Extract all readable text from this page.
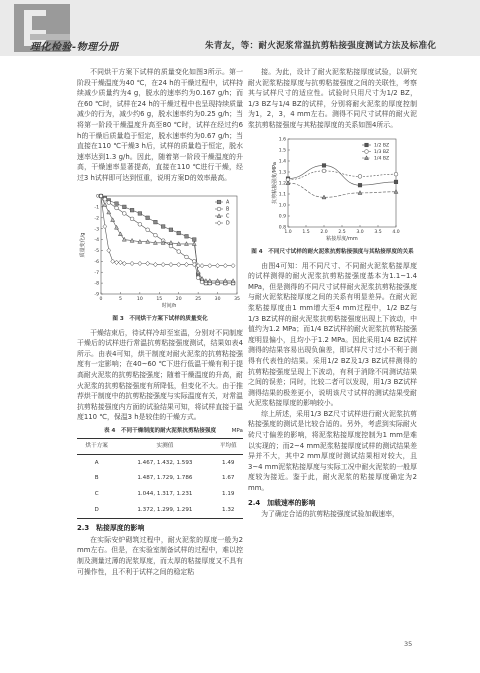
理化检验-物理分册	朱青友，等：耐火泥浆常温抗剪粘接强度测试方法及标准化

不同烘干方案下试样的质量变化如图3所示。第一阶段干燥温度为40 ℃，在24 h的干燥过程中，试样持续减少质量约为4 g，脱水的速率约为0.167 g/h；而在60 ℃时，试样在24 h的干燥过程中也呈现持续质量减少的行为，减少约6 g，脱水速率约为0.25 g/h；当将第一阶段干燥温度升高至80 ℃时，试样在经过约6 h的干燥后质量趋于恒定，脱水速率约为0.67 g/h；当直接在110 ℃干燥3 h后，试样的质量趋于恒定，脱水速率达到1.3 g/h。因此，随着第一阶段干燥温度的升高，干燥速率显著提高，直接在110 ℃进行干燥，经过3 h试样即可达到恒重，说明方案D的效率最高。

0	5	10	15	20	25	30	35
0
-1
-2
-3
-4
-5
-6
-7
-8
-9
时间/h
质量变化/g
A
B
C
D
图 3　不同烘干方案下试样的质量变化

干燥结束后，待试样冷却至室温，分别对不同制度干燥后的试样进行常温抗剪粘接强度测试，结果如表4所示。由表4可知，烘干制度对耐火泥浆的抗剪粘接强度有一定影响；在40~60 ℃下进行低温干燥有利于提高耐火泥浆的抗剪粘接强度；随着干燥温度的升高，耐火泥浆的抗剪粘接强度有所降低，但变化不大。由于推荐烘干制度中的抗剪粘接强度与实际温度有关，对常温抗剪粘接强度内方面的试验结果可知，将试样直接于温度110 ℃，保温3 h是较佳的干燥方式。

表 4　不同干燥制度的耐火泥浆抗剪粘接强度	MPa
烘干方案	实测值	平均值
A	1.467, 1.432, 1.593	1.49
B	1.487, 1.729, 1.786	1.67
C	1.044, 1.317, 1.231	1.19
D	1.372, 1.299, 1.291	1.32

2.3　粘接厚度的影响

在实际安炉砌筑过程中，耐火泥浆的厚度一般为2 mm左右。但是，在实验室制备试样的过程中，难以控制及测量过薄的泥浆厚度，而太厚的粘接厚度又不具有可操作性，且不利于试样之间的稳定粘

接。为此，设计了耐火泥浆粘接厚度试验，以研究耐火泥浆粘接厚度与抗剪粘接强度之间的关联性，考察其与试样尺寸的适应性。试验时只用尺寸为1/2 BZ，1/3 BZ与1/4 BZ的试样，分别将耐火泥浆的厚度控制为1，2，3，4 mm左右。测得不同尺寸试样的耐火泥浆抗剪粘接强度与其粘接厚度的关系如图4所示。

1.0 1.5 2.0 2.5 3.0 3.5 4.0
0.8
0.9
1.0
1.1
1.2
1.3
1.4
1.5
1.6
粘接厚度/mm
抗剪粘接强度/MPa
1/2 BZ
1/3 BZ
1/4 BZ
图 4　不同尺寸试样的耐火泥浆抗剪粘接强度与其粘接厚度的关系

由图4可知：用不同尺寸、不同耐火泥浆粘接厚度的试样测得的耐火泥浆抗剪粘接强度基本为1.1~1.4 MPa，但是测得的不同尺寸试样耐火泥浆抗剪粘接强度与耐火泥浆粘接厚度之间的关系有明显差异。在耐火泥浆粘接厚度由1 mm增大至4 mm过程中，1/2 BZ与1/3 BZ试样的耐火泥浆抗剪粘接强度出现上下波动，中值约为1.2 MPa；而1/4 BZ试样的耐火泥浆抗剪粘接强度明显偏小，且均小于1.2 MPa。因此采用1/4 BZ试样测得的结果容易出现负偏差，即试样尺寸过小不利于测得有代表性的结果。采用1/2 BZ及1/3 BZ试样测得的抗剪粘接强度呈现上下波动，有利于消除不同测试结果之间的误差；同时，比较二者可以发现，用1/3 BZ试样测得结果的极差更小，说明该尺寸试样的测试结果受耐火泥浆粘接厚度的影响较小。

综上所述，采用1/3 BZ尺寸试样进行耐火泥浆抗剪粘接强度的测试是比较合适的。另外，考虑到实际耐火砖尺寸偏差的影响，将泥浆粘接厚度控制为1 mm是难以实现的；而2~4 mm泥浆粘接厚度试样的测试结果差异并不大，其中2 mm厚度时测试结果相对较大，且3~4 mm泥浆粘接厚度与实际工况中耐火泥浆的一般厚度较为接近。鉴于此，耐火泥浆的粘接厚度确定为2 mm。

2.4　加载速率的影响

为了确定合适的抗剪粘接强度试验加载速率，

35
